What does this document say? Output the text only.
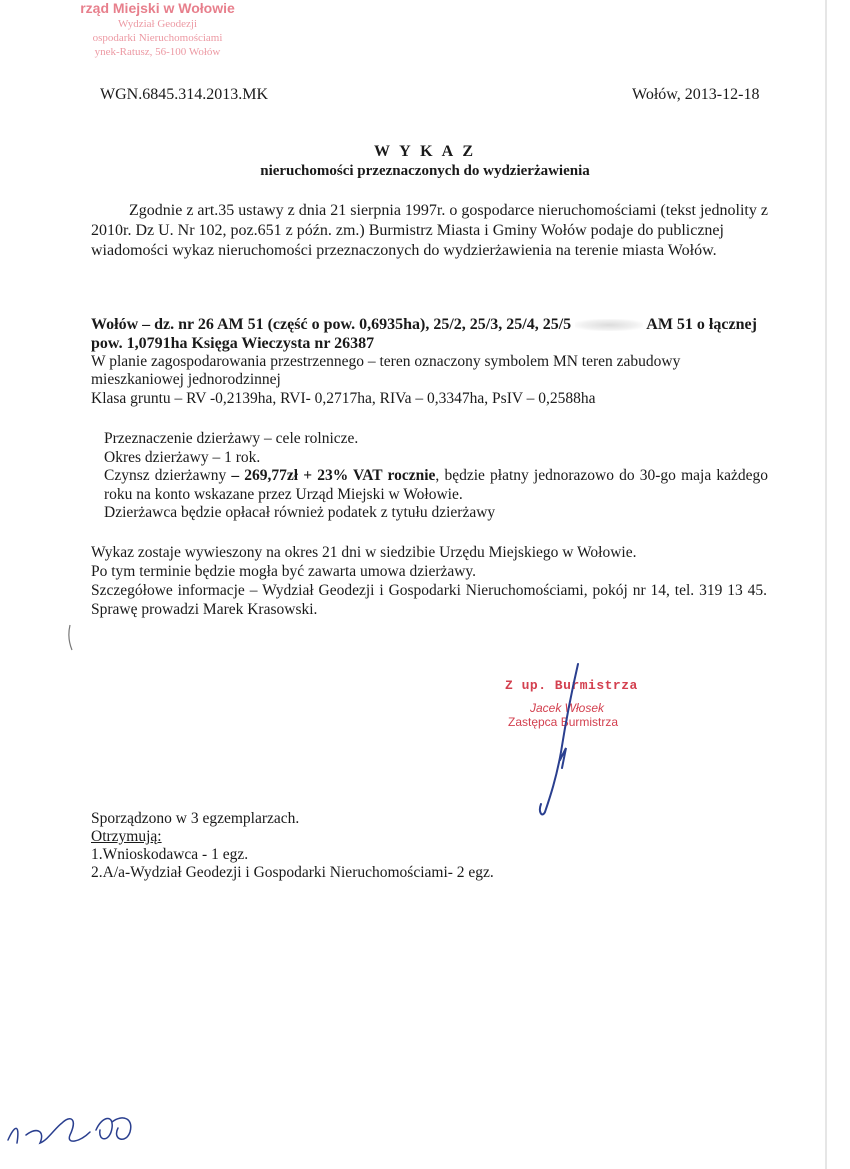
rząd Miejski w Wołowie
Wydział Geodezji
ospodarki Nieruchomościami
ynek-Ratusz, 56-100 Wołów
WGN.6845.314.2013.MK	Wołów, 2013-12-18
W Y K A Z
nieruchomości przeznaczonych do wydzierżawienia
Zgodnie z art.35 ustawy z dnia 21 sierpnia 1997r. o gospodarce nieruchomościami (tekst jednolity z 2010r. Dz U. Nr 102, poz.651 z późn. zm.) Burmistrz Miasta i Gminy Wołów podaje do publicznej wiadomości wykaz nieruchomości przeznaczonych do wydzierżawienia na terenie miasta Wołów.
Wołów – dz. nr 26 AM 51 (część o pow. 0,6935ha), 25/2, 25/3, 25/4, 25/5	AM 51 o łącznej pow. 1,0791ha Księga Wieczysta nr 26387
W planie zagospodarowania przestrzennego – teren oznaczony symbolem MN teren zabudowy
mieszkaniowej jednorodzinnej
Klasa gruntu – RV -0,2139ha, RVI- 0,2717ha, RIVa – 0,3347ha, PsIV – 0,2588ha
Przeznaczenie dzierżawy – cele rolnicze.
Okres dzierżawy – 1 rok.
Czynsz dzierżawny – 269,77zł + 23% VAT rocznie, będzie płatny jednorazowo do 30-go maja każdego roku na konto wskazane przez Urząd Miejski w Wołowie.
Dzierżawca będzie opłacał również podatek z tytułu dzierżawy
Wykaz zostaje wywieszony na okres 21 dni w siedzibie Urzędu Miejskiego w Wołowie.
Po tym terminie będzie mogła być zawarta umowa dzierżawy.
Szczegółowe informacje – Wydział Geodezji i Gospodarki Nieruchomościami, pokój nr 14, tel. 319 13 45. Sprawę prowadzi Marek Krasowski.
Z up. Burmistrza
Jacek Włosek
Zastępca Burmistrza
Sporządzono w 3 egzemplarzach.
Otrzymują:
1.Wnioskodawca - 1 egz.
2.A/a-Wydział Geodezji i Gospodarki Nieruchomościami- 2 egz.
